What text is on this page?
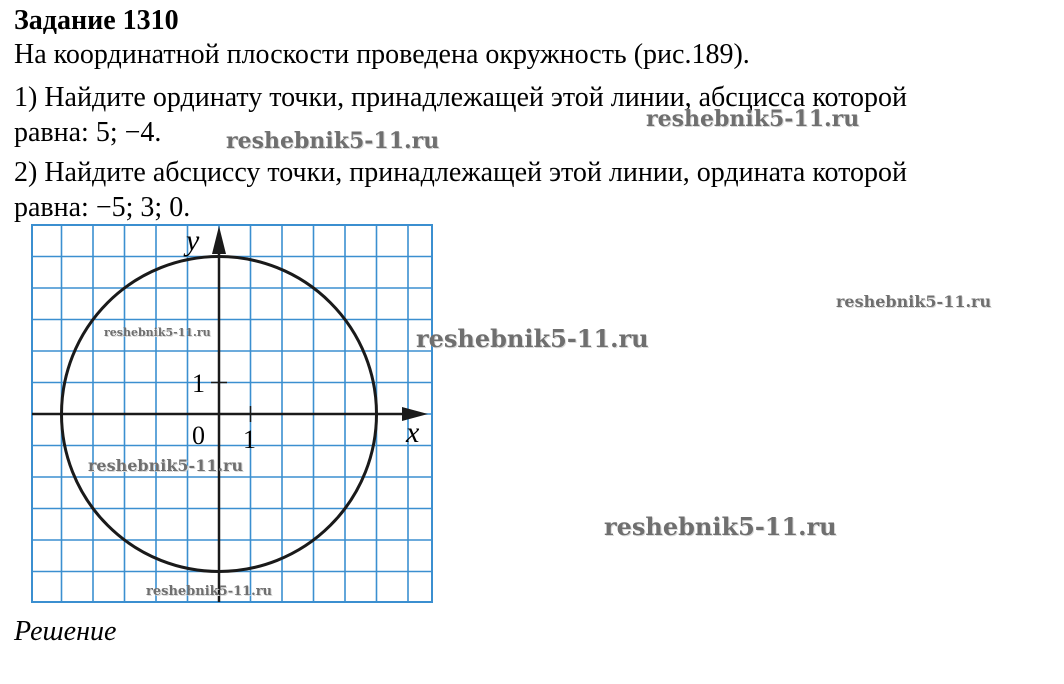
Задание 1310
На координатной плоскости проведена окружность (рис.189).
1) Найдите ординату точки, принадлежащей этой линии, абсцисса которой
равна: 5; −4.
2) Найдите абсциссу точки, принадлежащей этой линии, ордината которой
равна: −5; 3; 0.
x
y
0 1
1
reshebnik5-11.ru
reshebnik5-11.ru
reshebnik5-11.ru
reshebnik5-11.ru
reshebnik5-11.ru
reshebnik5-11.ru
reshebnik5-11.ru
reshebnik5-11.ru
Решение
